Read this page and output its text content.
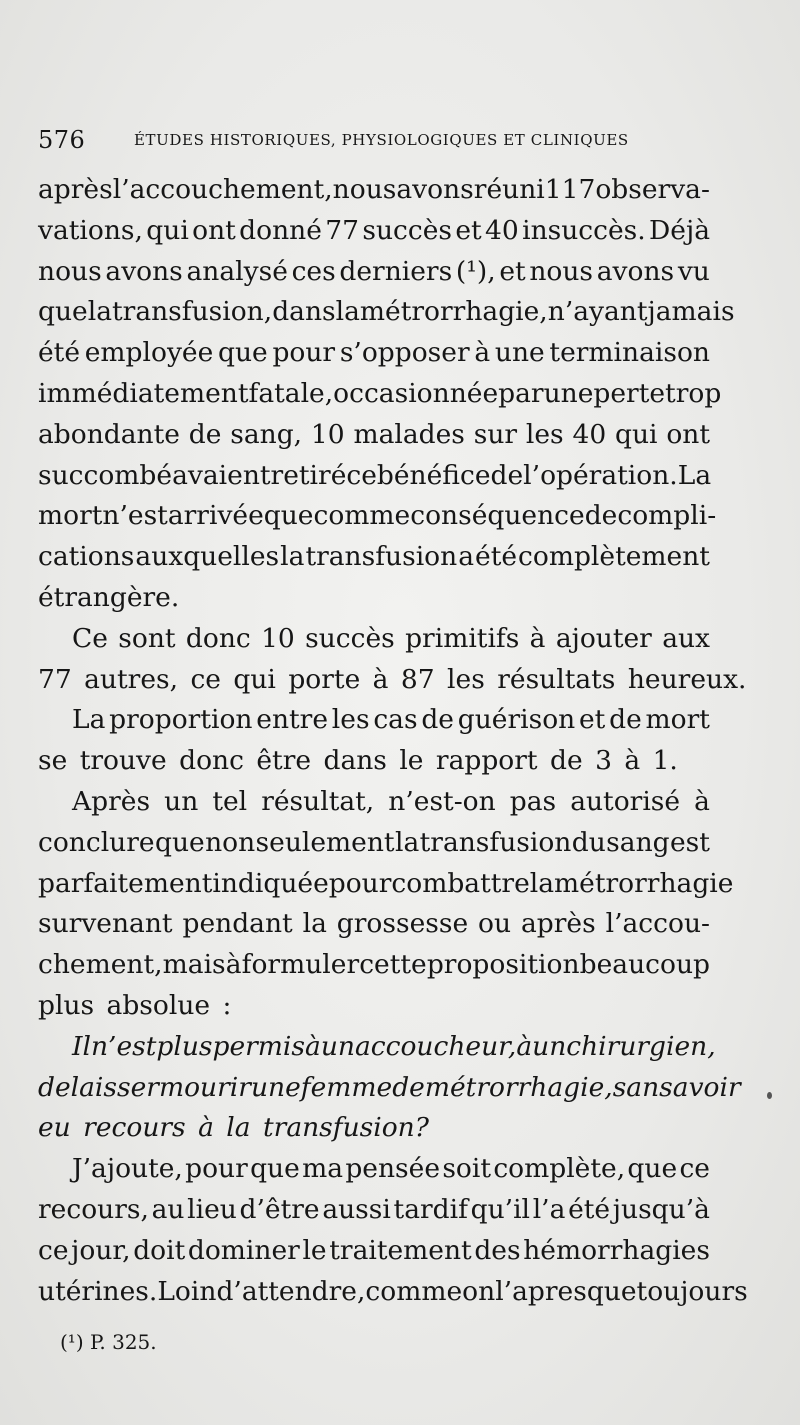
576	ÉTUDES HISTORIQUES, PHYSIOLOGIQUES ET CLINIQUES
après l’accouchement, nous avons réuni 117 observa-
vations, qui ont donné 77 succès et 40 insuccès. Déjà
nous avons analysé ces derniers (¹), et nous avons vu
que la transfusion, dans la métrorrhagie, n’ayant jamais
été employée que pour s’opposer à une terminaison
immédiatement fatale, occasionnée par une perte trop
abondante de sang, 10 malades sur les 40 qui ont
succombé avaient retiré ce bénéfice de l’opération. La
mort n’est arrivée que comme conséquence de compli-
cations auxquelles la transfusion a été complètement
étrangère.
Ce sont donc 10 succès primitifs à ajouter aux
77 autres, ce qui porte à 87 les résultats heureux.
La proportion entre les cas de guérison et de mort
se trouve donc être dans le rapport de 3 à 1.
Après un tel résultat, n’est-on pas autorisé à
conclure que non seulement la transfusion du sang est
parfaitement indiquée pour combattre la métrorrhagie
survenant pendant la grossesse ou après l’accou-
chement, mais à formuler cette proposition beaucoup
plus absolue :
Il n’est plus permis à un accoucheur, à un chirurgien,
de laisser mourir une femme de métrorrhagie, sans avoir
eu recours à la transfusion?
J’ajoute, pour que ma pensée soit complète, que ce
recours, au lieu d’être aussi tardif qu’il l’a été jusqu’à
ce jour, doit dominer le traitement des hémorrhagies
utérines. Loin d’attendre, comme on l’a presque toujours
(¹) P. 325.
